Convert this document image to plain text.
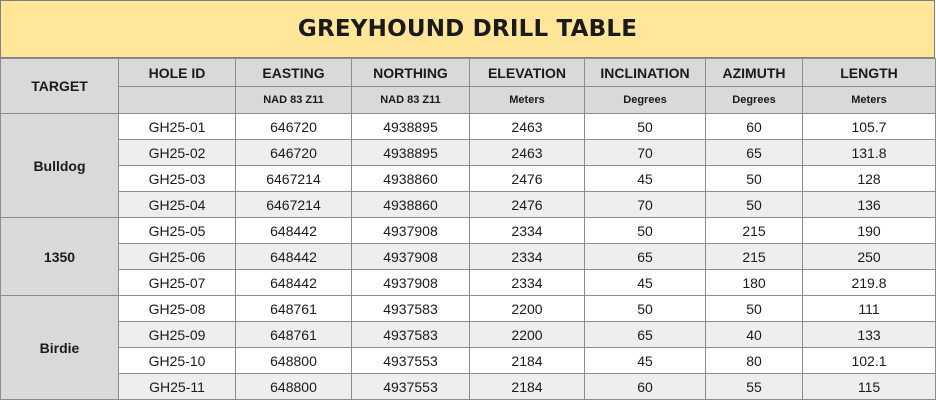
GREYHOUND DRILL TABLE
TARGET	HOLE ID	EASTING	NORTHING	ELEVATION	INCLINATION	AZIMUTH	LENGTH
		NAD 83 Z11	NAD 83 Z11	Meters	Degrees	Degrees	Meters
Bulldog	GH25-01	646720	4938895	2463	50	60	105.7
	GH25-02	646720	4938895	2463	70	65	131.8
	GH25-03	6467214	4938860	2476	45	50	128
	GH25-04	6467214	4938860	2476	70	50	136
1350	GH25-05	648442	4937908	2334	50	215	190
	GH25-06	648442	4937908	2334	65	215	250
	GH25-07	648442	4937908	2334	45	180	219.8
Birdie	GH25-08	648761	4937583	2200	50	50	111
	GH25-09	648761	4937583	2200	65	40	133
	GH25-10	648800	4937553	2184	45	80	102.1
	GH25-11	648800	4937553	2184	60	55	115
